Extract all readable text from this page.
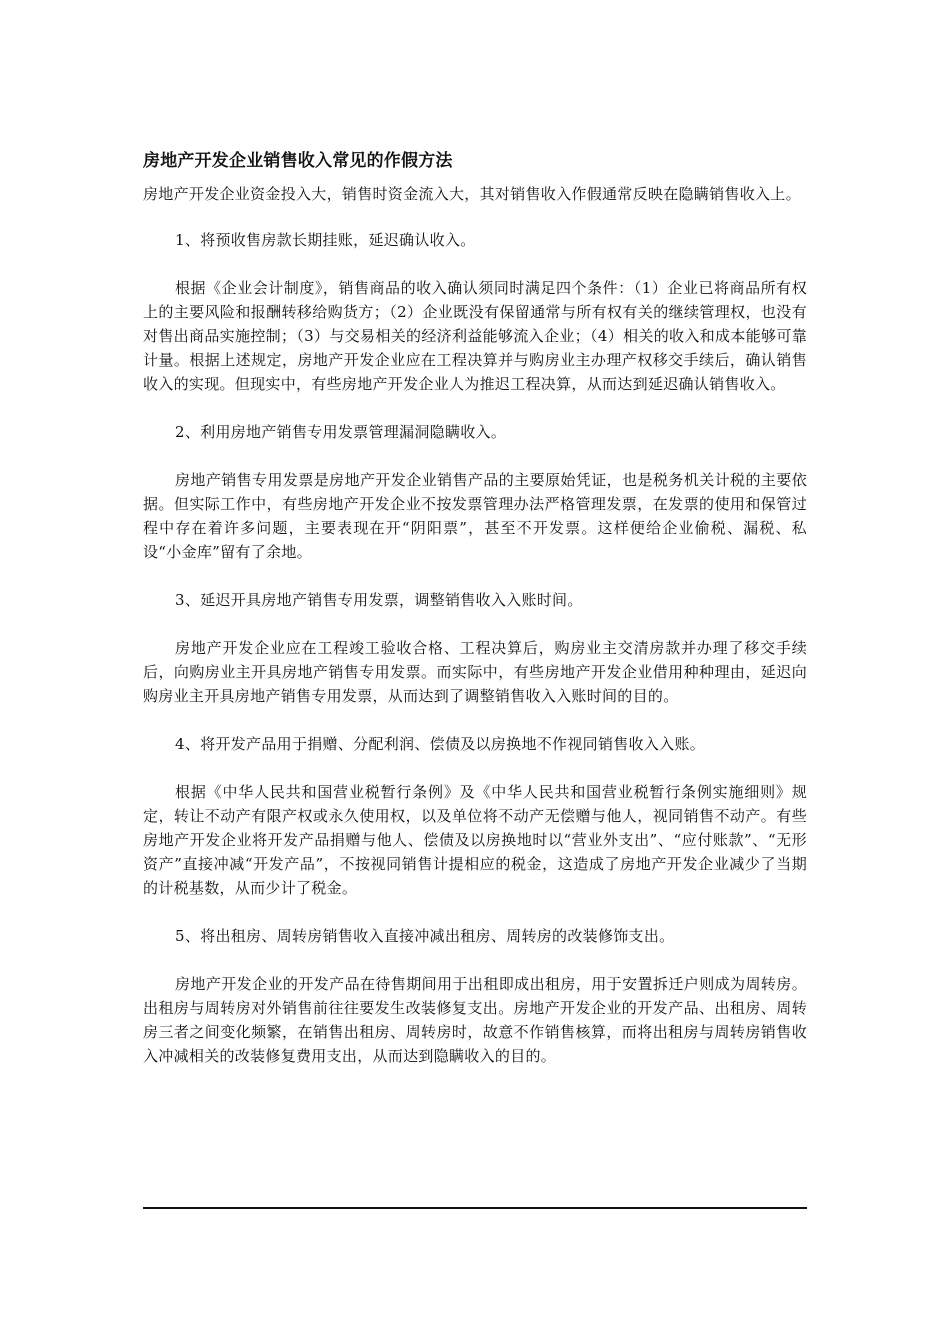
房地产开发企业销售收入常见的作假方法

房地产开发企业资金投入大，销售时资金流入大，其对销售收入作假通常反映在隐瞒销售收入上。

1、将预收售房款长期挂账，延迟确认收入。

根据《企业会计制度》，销售商品的收入确认须同时满足四个条件：（1）企业已将商品所有权上的主要风险和报酬转移给购货方；（2）企业既没有保留通常与所有权有关的继续管理权，也没有对售出商品实施控制；（3）与交易相关的经济利益能够流入企业；（4）相关的收入和成本能够可靠计量。根据上述规定，房地产开发企业应在工程决算并与购房业主办理产权移交手续后，确认销售收入的实现。但现实中，有些房地产开发企业人为推迟工程决算，从而达到延迟确认销售收入。

2、利用房地产销售专用发票管理漏洞隐瞒收入。

房地产销售专用发票是房地产开发企业销售产品的主要原始凭证，也是税务机关计税的主要依据。但实际工作中，有些房地产开发企业不按发票管理办法严格管理发票，在发票的使用和保管过程中存在着许多问题，主要表现在开“阴阳票”，甚至不开发票。这样便给企业偷税、漏税、私设“小金库”留有了余地。

3、延迟开具房地产销售专用发票，调整销售收入入账时间。

房地产开发企业应在工程竣工验收合格、工程决算后，购房业主交清房款并办理了移交手续后，向购房业主开具房地产销售专用发票。而实际中，有些房地产开发企业借用种种理由，延迟向购房业主开具房地产销售专用发票，从而达到了调整销售收入入账时间的目的。

4、将开发产品用于捐赠、分配利润、偿债及以房换地不作视同销售收入入账。

根据《中华人民共和国营业税暂行条例》及《中华人民共和国营业税暂行条例实施细则》规定，转让不动产有限产权或永久使用权，以及单位将不动产无偿赠与他人，视同销售不动产。有些房地产开发企业将开发产品捐赠与他人、偿债及以房换地时以“营业外支出”、“应付账款”、“无形资产”直接冲减“开发产品”，不按视同销售计提相应的税金，这造成了房地产开发企业减少了当期的计税基数，从而少计了税金。

5、将出租房、周转房销售收入直接冲减出租房、周转房的改装修饰支出。

房地产开发企业的开发产品在待售期间用于出租即成出租房，用于安置拆迁户则成为周转房。出租房与周转房对外销售前往往要发生改装修复支出。房地产开发企业的开发产品、出租房、周转房三者之间变化频繁，在销售出租房、周转房时，故意不作销售核算，而将出租房与周转房销售收入冲减相关的改装修复费用支出，从而达到隐瞒收入的目的。
